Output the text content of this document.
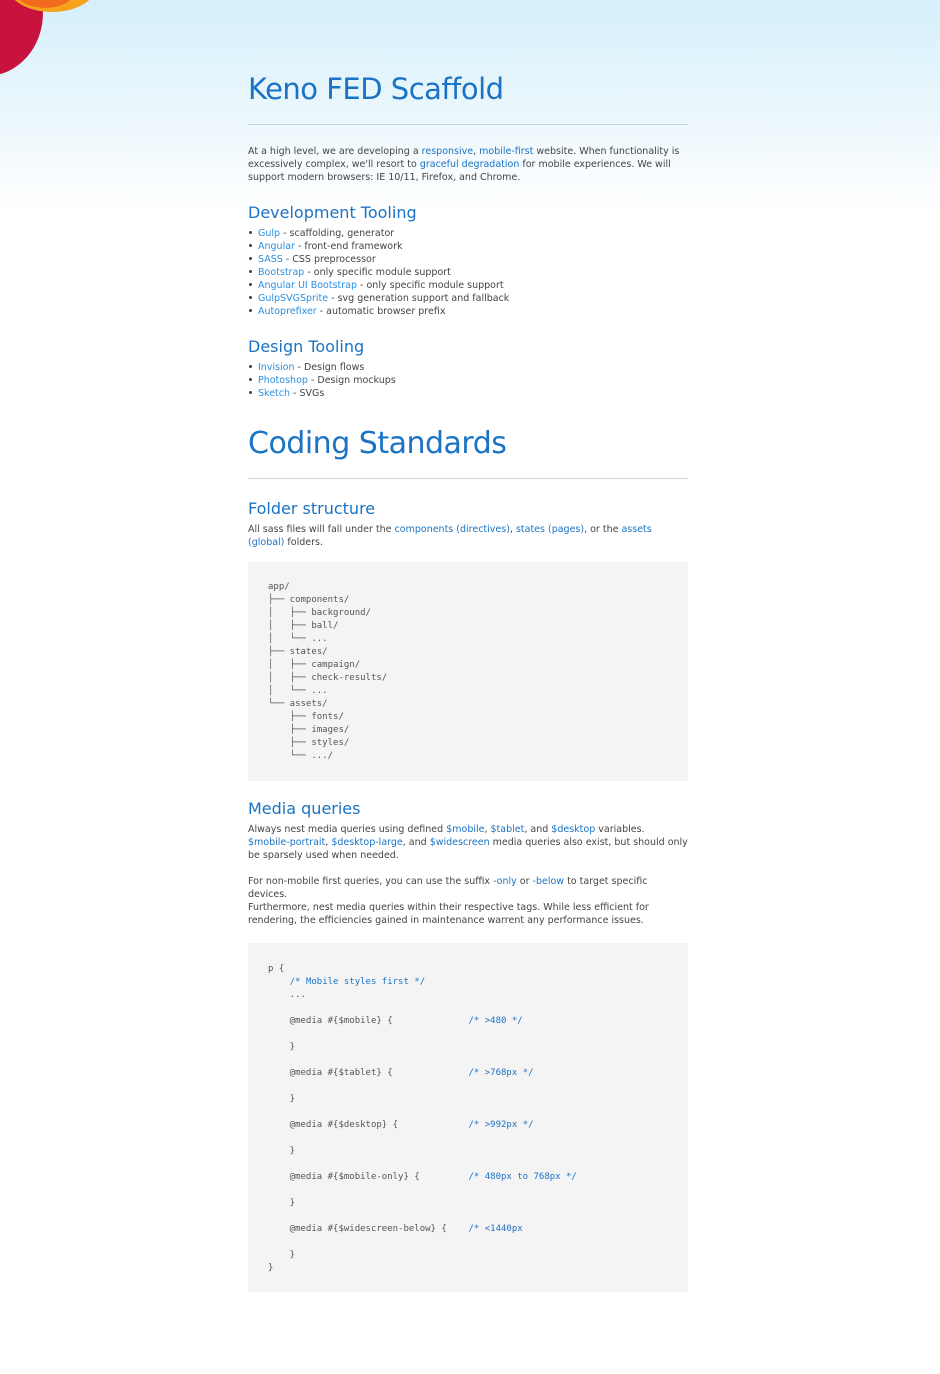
Keno FED Scaffold

At a high level, we are developing a responsive, mobile-first website. When functionality is excessively complex, we'll resort to graceful degradation for mobile experiences. We will support modern browsers: IE 10/11, Firefox, and Chrome.

Development Tooling
Gulp - scaffolding, generator
Angular - front-end framework
SASS - CSS preprocessor
Bootstrap - only specific module support
Angular UI Bootstrap - only specific module support
GulpSVGSprite - svg generation support and fallback
Autoprefixer - automatic browser prefix
Design Tooling
Invision - Design flows
Photoshop - Design mockups
Sketch - SVGs
Coding Standards
Folder structure

All sass files will fall under the components (directives), states (pages), or the assets (global) folders.

app/
├── components/
│   ├── background/
│   ├── ball/
│   └── ...
├── states/
│   ├── campaign/
│   ├── check-results/
│   └── ...
└── assets/
├── fonts/
├── images/
├── styles/
└── .../
Media queries

Always nest media queries using defined $mobile, $tablet, and $desktop variables. $mobile-portrait, $desktop-large, and $widescreen media queries also exist, but should only be sparsely used when needed.

For non-mobile first queries, you can use the suffix -only or -below to target specific devices.

Furthermore, nest media queries within their respective tags. While less efficient for rendering, the efficiencies gained in maintenance warrent any performance issues.

p {
/* Mobile styles first */
...

@media #{$mobile} {              /* >480 */

}

@media #{$tablet} {              /* >768px */

}

@media #{$desktop} {             /* >992px */

}

@media #{$mobile-only} {         /* 480px to 768px */

}

@media #{$widescreen-below} {    /* <1440px

}
}
